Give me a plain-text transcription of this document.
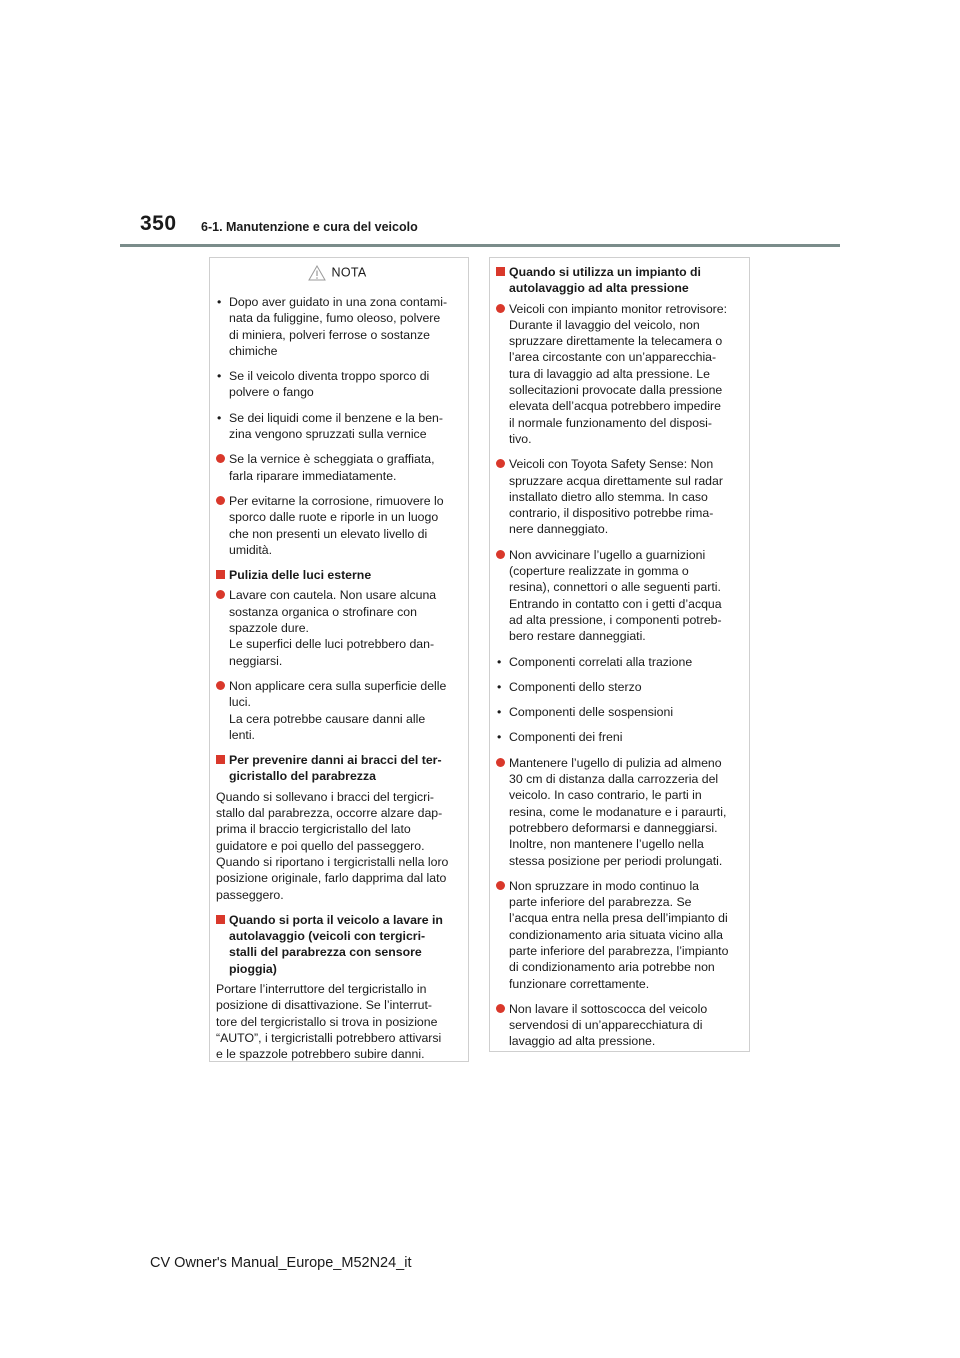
350 6-1. Manutenzione e cura del veicolo
NOTA
• Dopo aver guidato in una zona contami-
nata da fuliggine, fumo oleoso, polvere
di miniera, polveri ferrose o sostanze
chimiche
• Se il veicolo diventa troppo sporco di
polvere o fango
• Se dei liquidi come il benzene e la ben-
zina vengono spruzzati sulla vernice
Se la vernice è scheggiata o graffiata,
farla riparare immediatamente.
Per evitarne la corrosione, rimuovere lo
sporco dalle ruote e riporle in un luogo
che non presenti un elevato livello di
umidità.
Pulizia delle luci esterne
Lavare con cautela. Non usare alcuna
sostanza organica o strofinare con
spazzole dure.
Le superfici delle luci potrebbero dan-
neggiarsi.
Non applicare cera sulla superficie delle
luci.
La cera potrebbe causare danni alle
lenti.
Per prevenire danni ai bracci del ter-
gicristallo del parabrezza
Quando si sollevano i bracci del tergicri-
stallo dal parabrezza, occorre alzare dap-
prima il braccio tergicristallo del lato
guidatore e poi quello del passeggero.
Quando si riportano i tergicristalli nella loro
posizione originale, farlo dapprima dal lato
passeggero.
Quando si porta il veicolo a lavare in
autolavaggio (veicoli con tergicri-
stalli del parabrezza con sensore
pioggia)
Portare l’interruttore del tergicristallo in
posizione di disattivazione. Se l’interrut-
tore del tergicristallo si trova in posizione
“AUTO”, i tergicristalli potrebbero attivarsi
e le spazzole potrebbero subire danni.
Quando si utilizza un impianto di
autolavaggio ad alta pressione
Veicoli con impianto monitor retrovisore:
Durante il lavaggio del veicolo, non
spruzzare direttamente la telecamera o
l’area circostante con un’apparecchia-
tura di lavaggio ad alta pressione. Le
sollecitazioni provocate dalla pressione
elevata dell’acqua potrebbero impedire
il normale funzionamento del disposi-
tivo.
Veicoli con Toyota Safety Sense: Non
spruzzare acqua direttamente sul radar
installato dietro allo stemma. In caso
contrario, il dispositivo potrebbe rima-
nere danneggiato.
Non avvicinare l’ugello a guarnizioni
(coperture realizzate in gomma o
resina), connettori o alle seguenti parti.
Entrando in contatto con i getti d’acqua
ad alta pressione, i componenti potreb-
bero restare danneggiati.
• Componenti correlati alla trazione
• Componenti dello sterzo
• Componenti delle sospensioni
• Componenti dei freni
Mantenere l’ugello di pulizia ad almeno
30 cm di distanza dalla carrozzeria del
veicolo. In caso contrario, le parti in
resina, come le modanature e i paraurti,
potrebbero deformarsi e danneggiarsi.
Inoltre, non mantenere l’ugello nella
stessa posizione per periodi prolungati.
Non spruzzare in modo continuo la
parte inferiore del parabrezza. Se
l’acqua entra nella presa dell’impianto di
condizionamento aria situata vicino alla
parte inferiore del parabrezza, l’impianto
di condizionamento aria potrebbe non
funzionare correttamente.
Non lavare il sottoscocca del veicolo
servendosi di un’apparecchiatura di
lavaggio ad alta pressione.
CV Owner's Manual_Europe_M52N24_it
